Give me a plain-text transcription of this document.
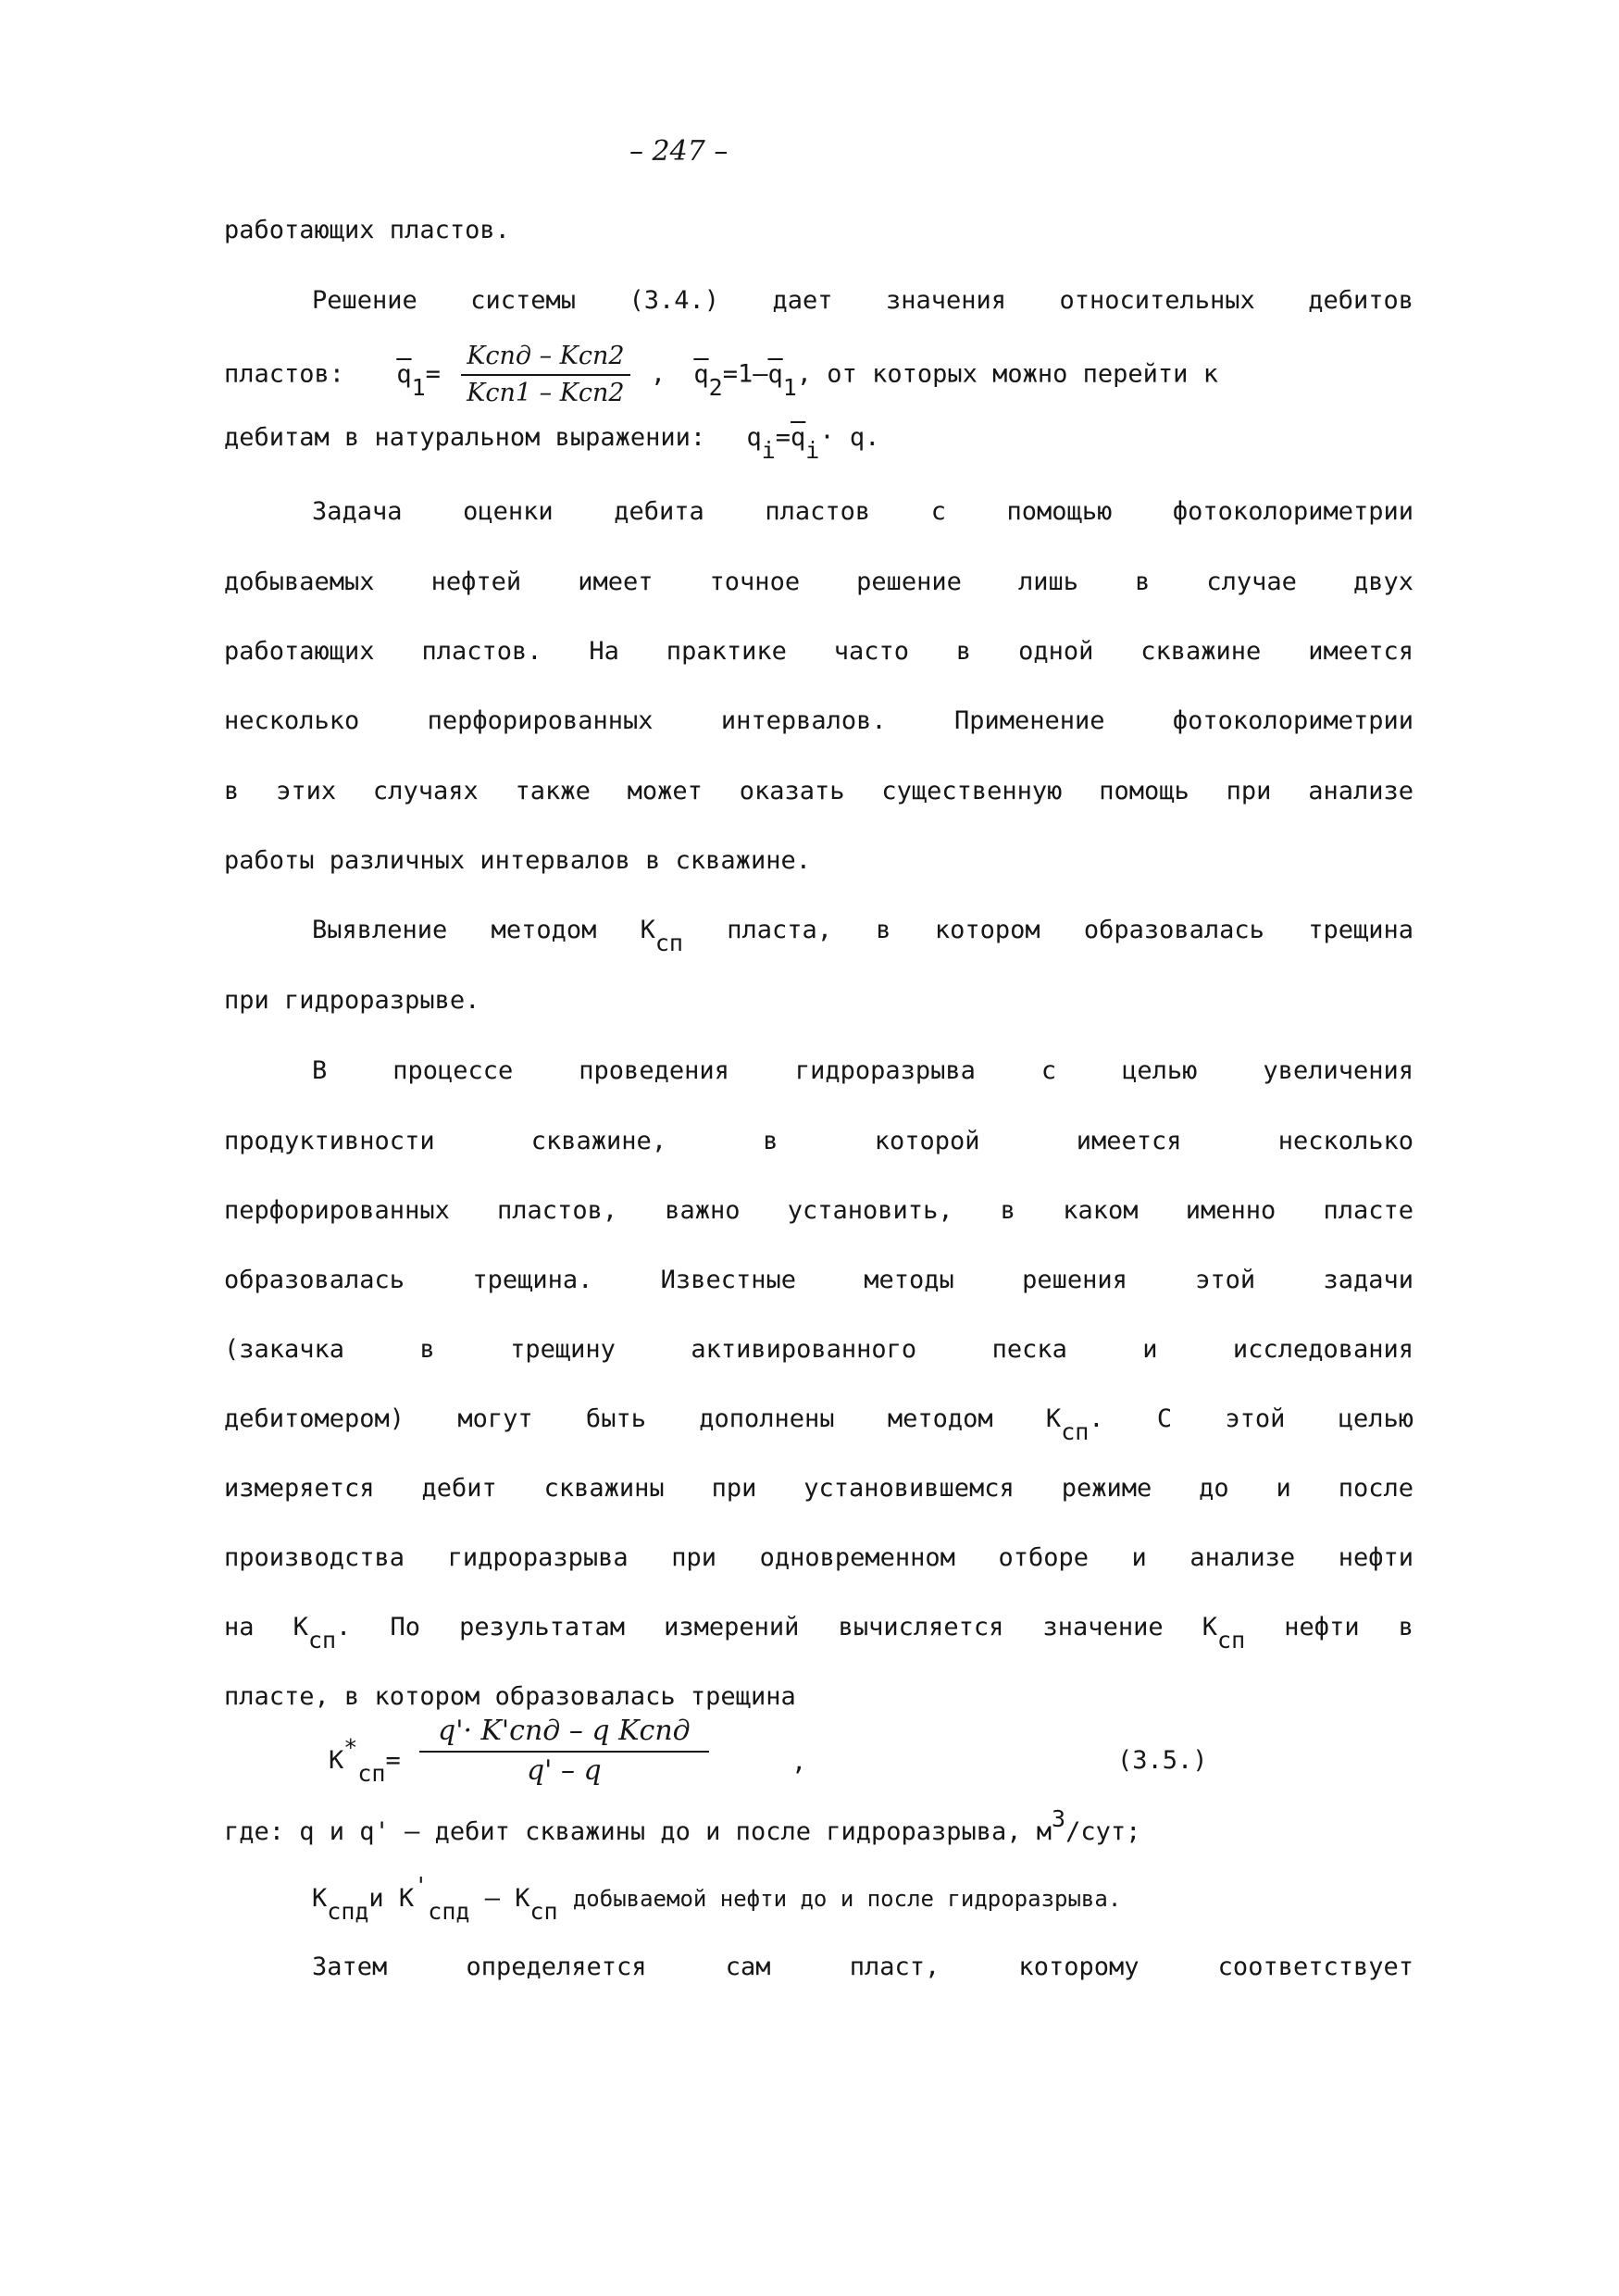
– 247 –
работающих пластов.
Решение системы (3.4.) дает значения относительных дебитов
пластов: $\overline{q}_1= \frac{\text{Kспд – Kсп2}}{\text{Kсп1 – Kсп2}}$ , $\overline{q}_2=1-\overline{q}_1$, от которых можно перейти к
дебитам в натуральном выражении: $q_i=\overline{q}_i\cdot q$.
Задача оценки дебита пластов с помощью фотоколориметрии
добываемых нефтей имеет точное решение лишь в случае двух
работающих пластов. На практике часто в одной скважине имеется
несколько перфорированных интервалов. Применение фотоколориметрии
в этих случаях также может оказать существенную помощь при анализе
работы различных интервалов в скважине.
Выявление методом $К_{сп}$ пласта, в котором образовалась трещина
при гидроразрыве.
В процессе проведения гидроразрыва с целью увеличения
продуктивности скважине, в которой имеется несколько
перфорированных пластов, важно установить, в каком именно пласте
образовалась трещина. Известные методы решения этой задачи
(закачка в трещину активированного песка и исследования
дебитомером) могут быть дополнены методом $К_{сп}$. С этой целью
измеряется дебит скважины при установившемся режиме до и после
производства гидроразрыва при одновременном отборе и анализе нефти
на $К_{сп}$. По результатам измерений вычисляется значение $К_{сп}$ нефти в
пласте, в котором образовалась трещина
$К^*_{сп}=$
q'· K'спд – q Kспд
q' – q	,	(3.5.)
где: q и q' – дебит скважины до и после гидроразрыва, $м^3$/сут;
$К_{спд}и$ $К'_{спд} - К_{сп}$ добываемой нефти до и после гидроразрыва.
Затем определяется сам пласт, которому соответствует
